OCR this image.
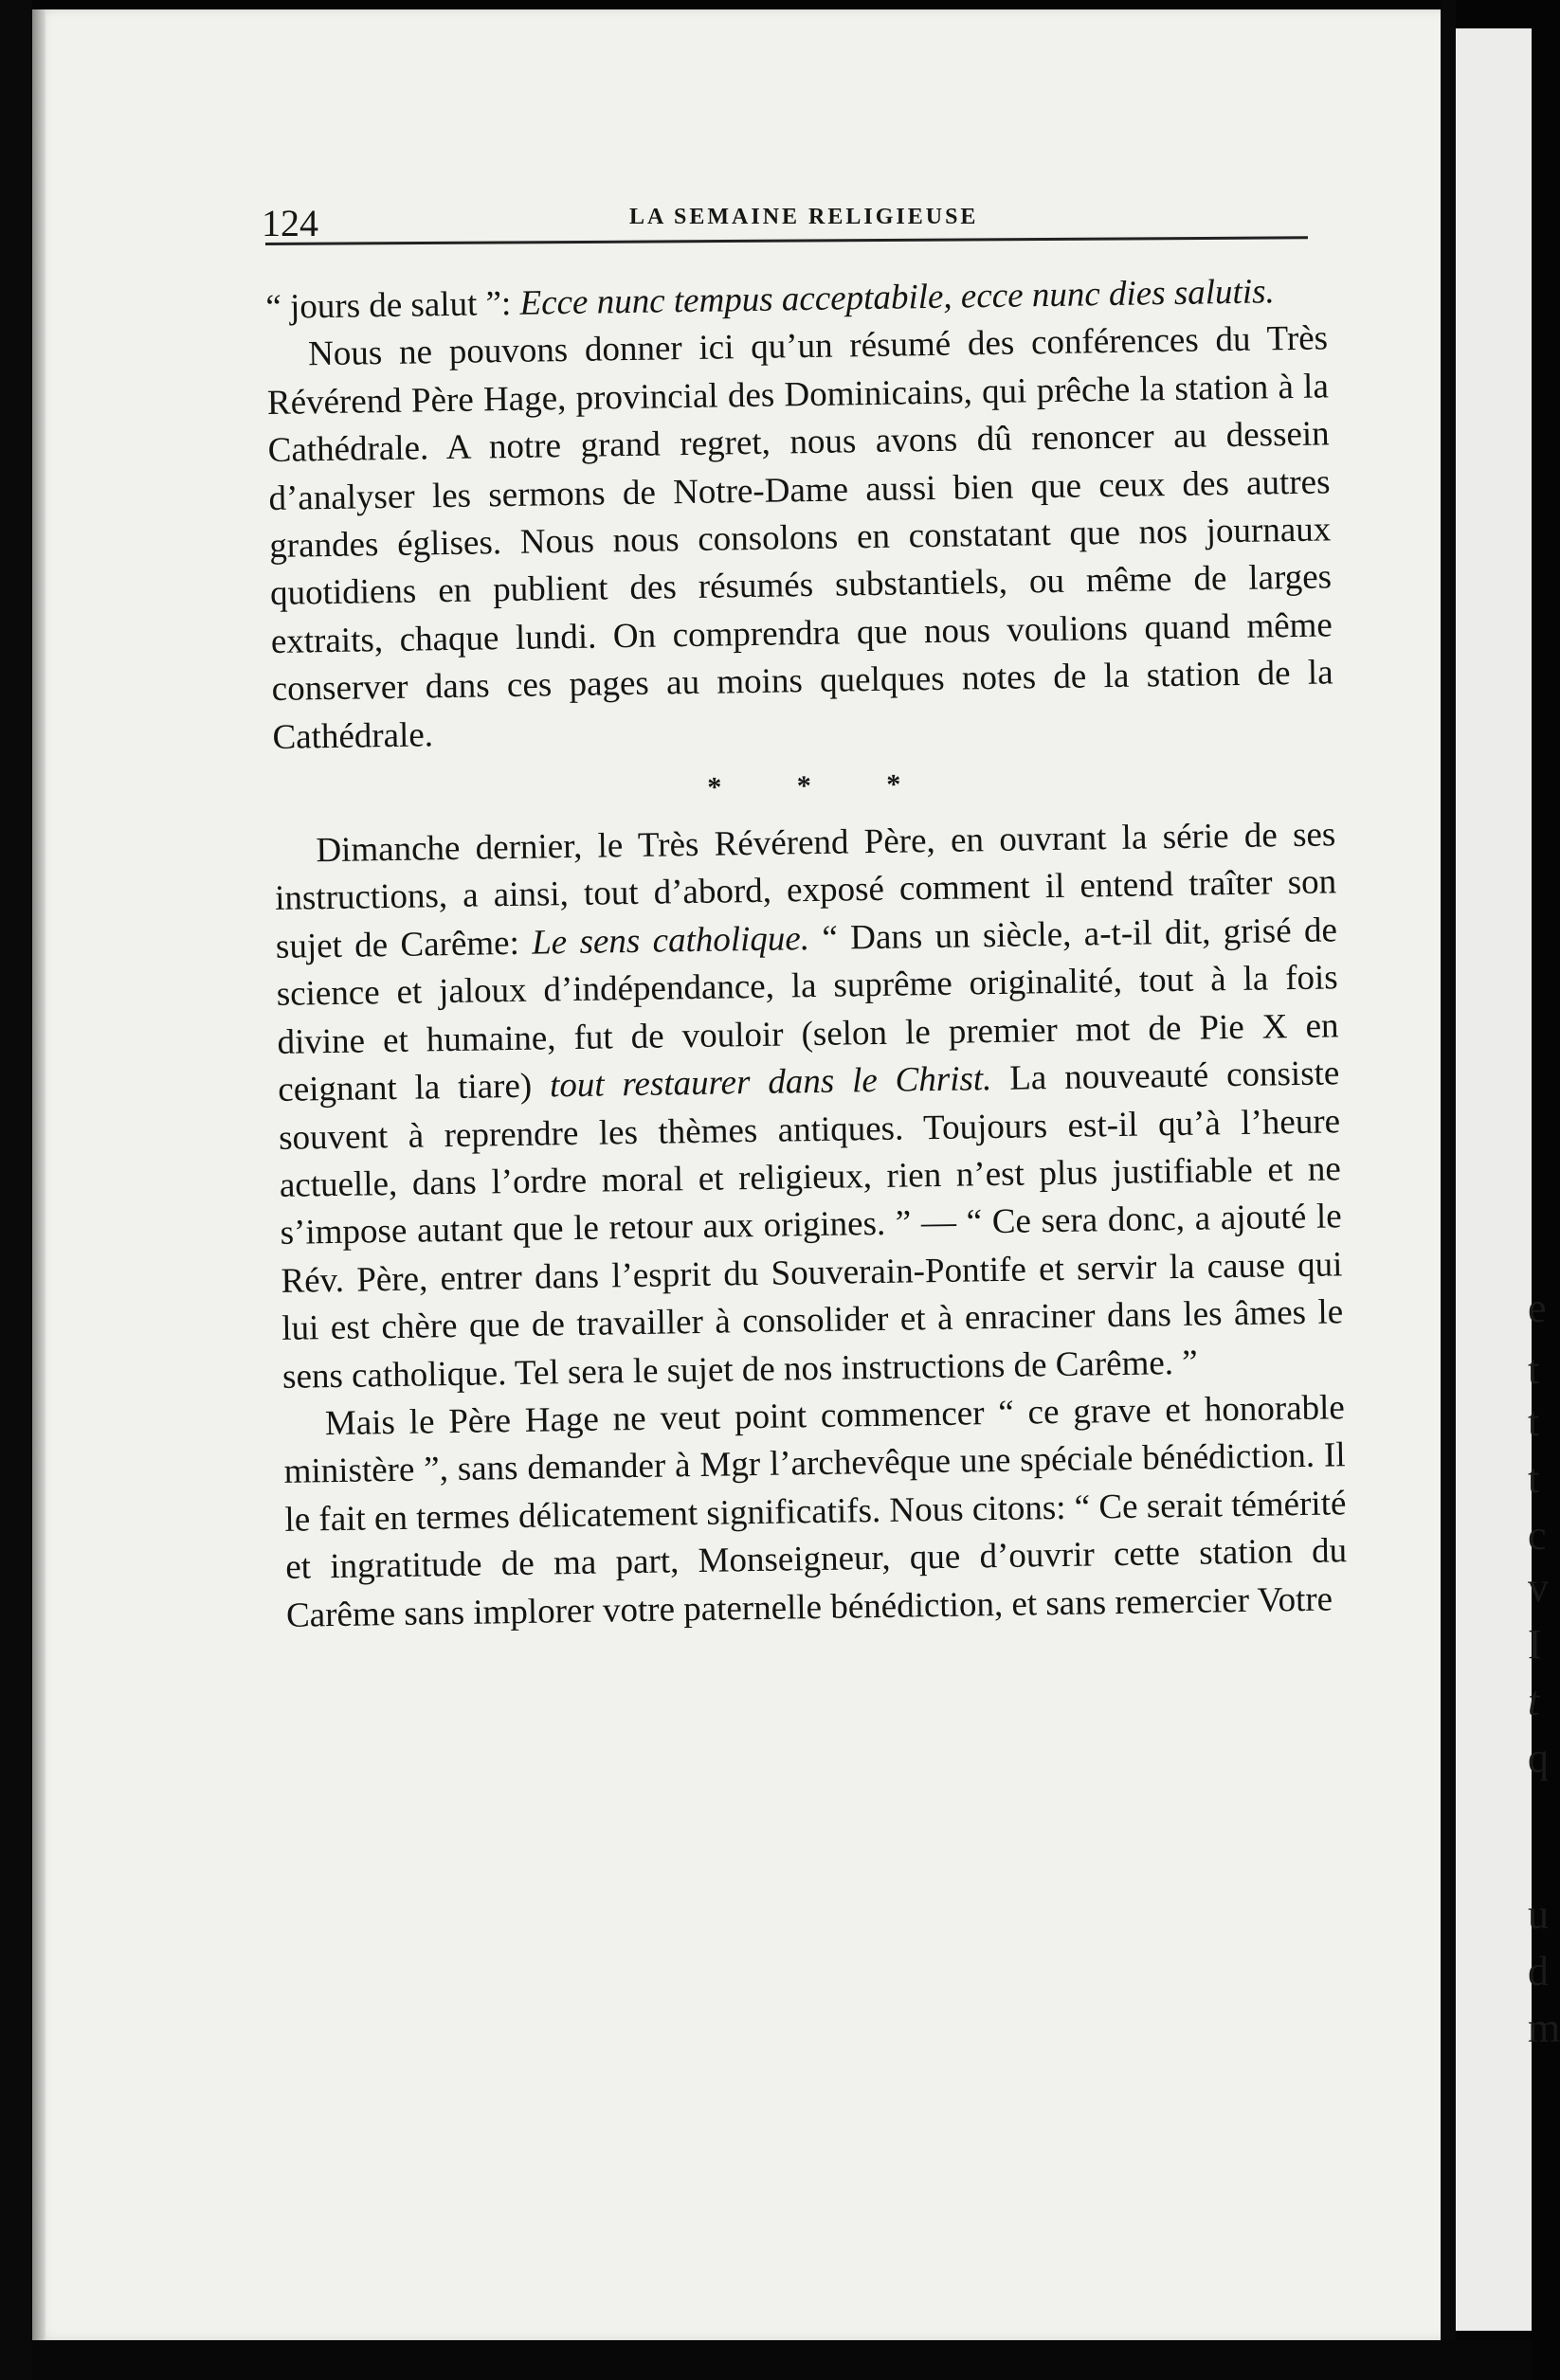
e
t
t
t
c
v
I
t
q
u
d
m
124	LA SEMAINE RELIGIEUSE

“ jours de salut ”: Ecce nunc tempus acceptabile, ecce nunc dies salutis.

Nous ne pouvons donner ici qu’un résumé des conférences du Très Révérend Père Hage, provincial des Dominicains, qui prêche la station à la Cathédrale. A notre grand regret, nous avons dû renoncer au dessein d’analyser les sermons de Notre-Dame aussi bien que ceux des autres grandes églises. Nous nous consolons en constatant que nos journaux quotidiens en publient des résumés substantiels, ou même de larges extraits, chaque lundi. On comprendra que nous voulions quand même conserver dans ces pages au moins quelques notes de la station de la Cathédrale.

* * *

Dimanche dernier, le Très Révérend Père, en ouvrant la série de ses instructions, a ainsi, tout d’abord, exposé comment il entend traîter son sujet de Carême: Le sens catholique. “ Dans un siècle, a-t-il dit, grisé de science et jaloux d’indépendance, la suprême originalité, tout à la fois divine et humaine, fut de vouloir (selon le premier mot de Pie X en ceignant la tiare) tout restaurer dans le Christ. La nouveauté consiste souvent à reprendre les thèmes antiques. Toujours est-il qu’à l’heure actuelle, dans l’ordre moral et religieux, rien n’est plus justifiable et ne s’impose autant que le retour aux origines. ” — “ Ce sera donc, a ajouté le Rév. Père, entrer dans l’esprit du Souverain-Pontife et servir la cause qui lui est chère que de travailler à consolider et à enraciner dans les âmes le sens catholique. Tel sera le sujet de nos instructions de Carême. ”

Mais le Père Hage ne veut point commencer “ ce grave et honorable ministère ”, sans demander à Mgr l’archevêque une spéciale bénédiction. Il le fait en termes délicatement significatifs. Nous citons: “ Ce serait témérité et ingratitude de ma part, Monseigneur, que d’ouvrir cette station du Carême sans implorer votre paternelle bénédiction, et sans remercier Votre
